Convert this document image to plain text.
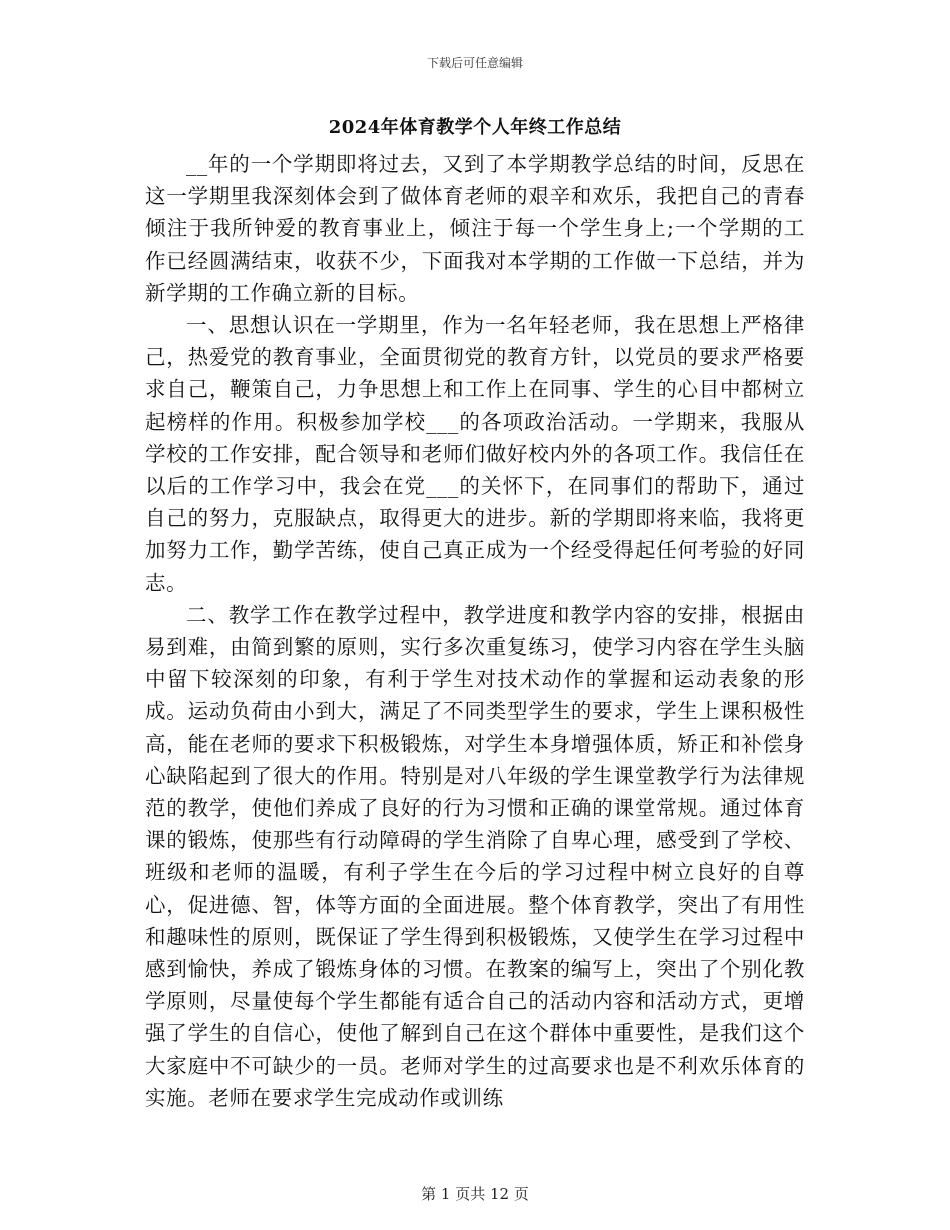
下载后可任意编辑
2024年体育教学个人年终工作总结

__年的一个学期即将过去，又到了本学期教学总结的时间，反思在这一学期里我深刻体会到了做体育老师的艰辛和欢乐，我把自己的青春倾注于我所钟爱的教育事业上，倾注于每一个学生身上;一个学期的工作已经圆满结束，收获不少，下面我对本学期的工作做一下总结，并为新学期的工作确立新的目标。

一、思想认识在一学期里，作为一名年轻老师，我在思想上严格律己，热爱党的教育事业，全面贯彻党的教育方针，以党员的要求严格要求自己，鞭策自己，力争思想上和工作上在同事、学生的心目中都树立起榜样的作用。积极参加学校___的各项政治活动。一学期来，我服从学校的工作安排，配合领导和老师们做好校内外的各项工作。我信任在以后的工作学习中，我会在党___的关怀下，在同事们的帮助下，通过自己的努力，克服缺点，取得更大的进步。新的学期即将来临，我将更加努力工作，勤学苦练，使自己真正成为一个经受得起任何考验的好同志。

二、教学工作在教学过程中，教学进度和教学内容的安排，根据由易到难，由简到繁的原则，实行多次重复练习，使学习内容在学生头脑中留下较深刻的印象，有利于学生对技术动作的掌握和运动表象的形成。运动负荷由小到大，满足了不同类型学生的要求，学生上课积极性高，能在老师的要求下积极锻炼，对学生本身增强体质，矫正和补偿身心缺陷起到了很大的作用。特别是对八年级的学生课堂教学行为法律规范的教学，使他们养成了良好的行为习惯和正确的课堂常规。通过体育课的锻炼，使那些有行动障碍的学生消除了自卑心理，感受到了学校、班级和老师的温暖，有利子学生在今后的学习过程中树立良好的自尊心，促进德、智，体等方面的全面进展。整个体育教学，突出了有用性和趣味性的原则，既保证了学生得到积极锻炼，又使学生在学习过程中感到愉快，养成了锻炼身体的习惯。在教案的编写上，突出了个别化教学原则，尽量使每个学生都能有适合自己的活动内容和活动方式，更增强了学生的自信心，使他了解到自己在这个群体中重要性，是我们这个大家庭中不可缺少的一员。老师对学生的过高要求也是不利欢乐体育的实施。老师在要求学生完成动作或训练

第 1 页共 12 页
